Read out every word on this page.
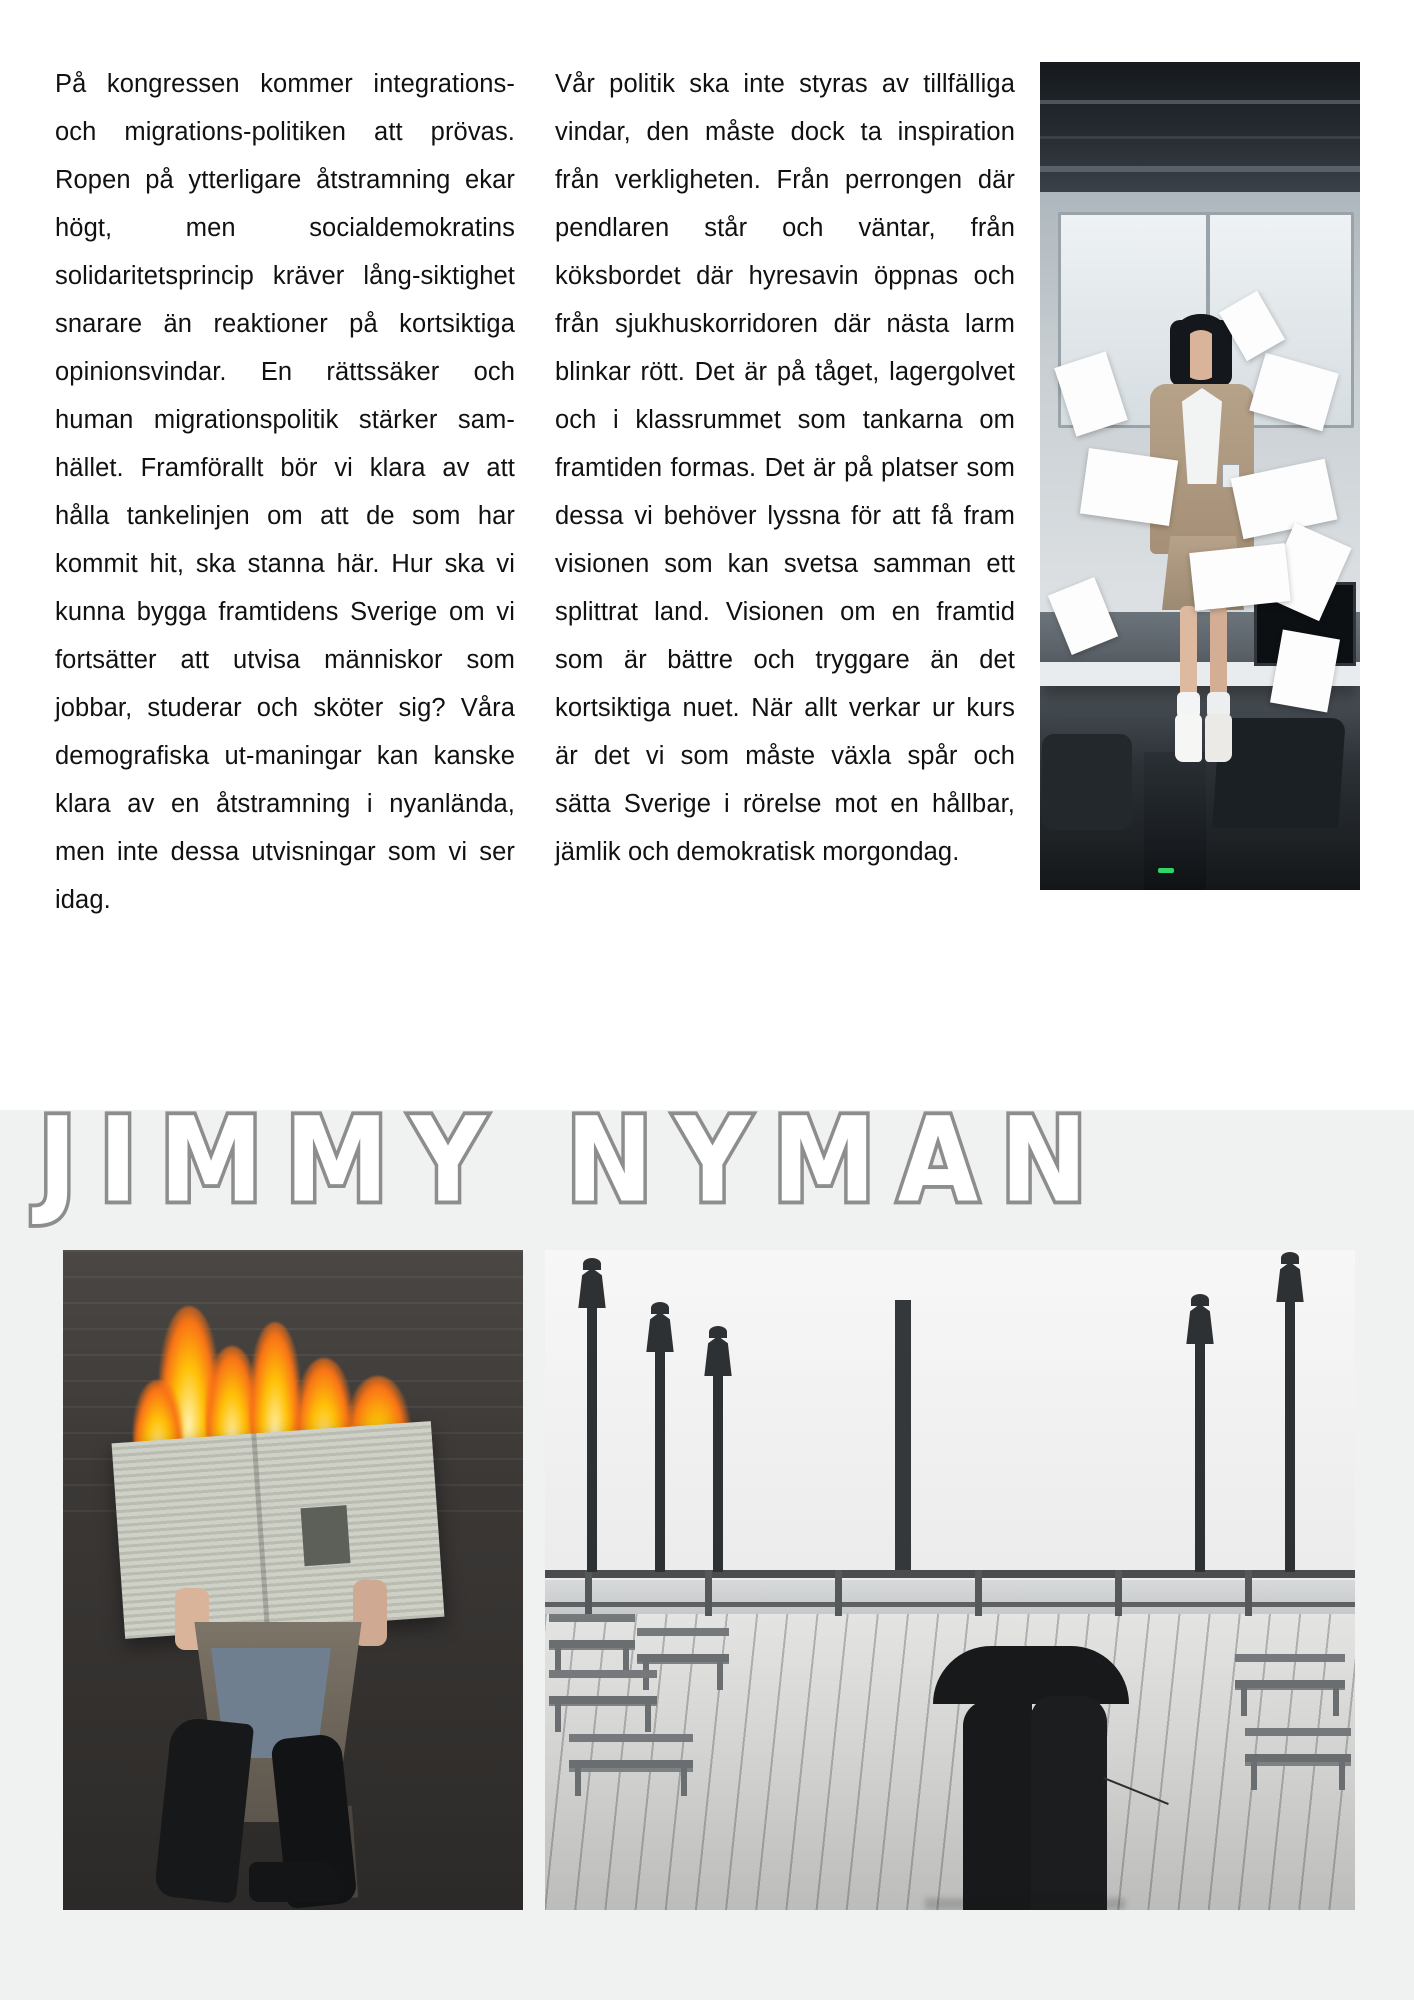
På kongressen kommer integrations- och migrations-politiken att prövas. Ropen på ytterligare åtstramning ekar högt, men socialdemokratins solidaritetsprincip kräver lång-siktighet snarare än reaktioner på kortsiktiga opinionsvindar. En rättssäker och human migrationspolitik stärker sam-hället. Framförallt bör vi klara av att hålla tankelinjen om att de som har kommit hit, ska stanna här. Hur ska vi kunna bygga framtidens Sverige om vi fortsätter att utvisa människor som jobbar, studerar och sköter sig? Våra demografiska ut-maningar kan kanske klara av en åtstramning i nyanlända, men inte dessa utvisningar som vi ser idag.

Vår politik ska inte styras av tillfälliga vindar, den måste dock ta inspiration från verkligheten. Från perrongen där pendlaren står och väntar, från köksbordet där hyresavin öppnas och från sjukhuskorridoren där nästa larm blinkar rött. Det är på tåget, lagergolvet och i klassrummet som tankarna om framtiden formas. Det är på platser som dessa vi behöver lyssna för att få fram visionen som kan svetsa samman ett splittrat land. Visionen om en framtid som är bättre och tryggare än det kortsiktiga nuet. När allt verkar ur kurs är det vi som måste växla spår och sätta Sverige i rörelse mot en hållbar, jämlik och demokratisk morgondag.

JIMMY NYMAN
